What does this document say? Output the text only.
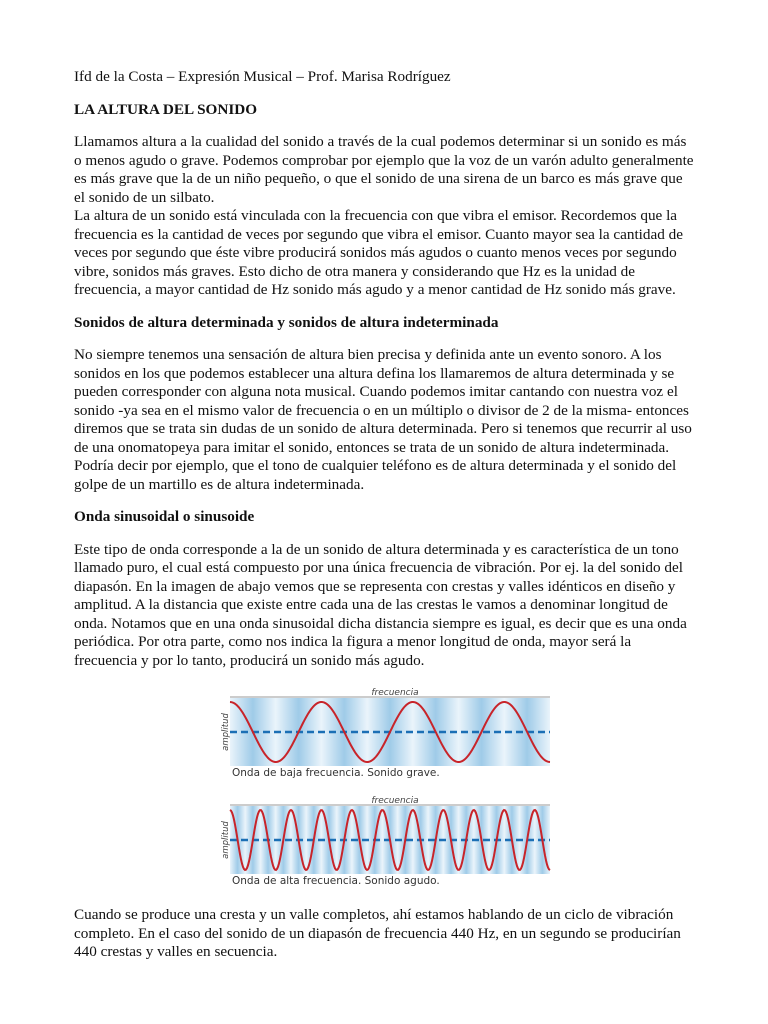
Ifd de la Costa – Expresión Musical – Prof. Marisa Rodríguez

LA ALTURA DEL SONIDO

Llamamos altura a la cualidad del sonido a través de la cual podemos determinar si un sonido es más o menos agudo o grave. Podemos comprobar por ejemplo que la voz de un varón adulto generalmente es más grave que la de un niño pequeño, o que el sonido de una sirena de un barco es más grave que el sonido de un silbato.

La altura de un sonido está vinculada con la frecuencia con que vibra el emisor. Recordemos que la frecuencia es la cantidad de veces por segundo que vibra el emisor. Cuanto mayor sea la cantidad de veces por segundo que éste vibre producirá sonidos más agudos o cuanto menos veces por segundo vibre, sonidos más graves. Esto dicho de otra manera y considerando que Hz es la unidad de frecuencia, a mayor cantidad de Hz sonido más agudo y a menor cantidad de Hz sonido más grave.

Sonidos de altura determinada y sonidos de altura indeterminada

No siempre tenemos una sensación de altura bien precisa y definida ante un evento sonoro. A los sonidos en los que podemos establecer una altura defina los llamaremos de altura determinada y se pueden corresponder con alguna nota musical. Cuando podemos imitar cantando con nuestra voz el sonido -ya sea en el mismo valor de frecuencia o en un múltiplo o divisor de 2 de la misma- entonces diremos que se trata sin dudas de un sonido de altura determinada. Pero si tenemos que recurrir al uso de una onomatopeya para imitar el sonido, entonces se trata de un sonido de altura indeterminada. Podría decir por ejemplo, que el tono de cualquier teléfono es de altura determinada y el sonido del golpe de un martillo es de altura indeterminada.

Onda sinusoidal o sinusoide

Este tipo de onda corresponde a la de un sonido de altura determinada y es característica de un tono llamado puro, el cual está compuesto por una única frecuencia de vibración. Por ej. la del sonido del diapasón. En la imagen de abajo vemos que se representa con crestas y valles idénticos en diseño y amplitud. A la distancia que existe entre cada una de las crestas le vamos a denominar longitud de onda. Notamos que en una onda sinusoidal dicha distancia siempre es igual, es decir que es una onda periódica. Por otra parte, como nos indica la figura a menor longitud de onda, mayor será la frecuencia y por lo tanto, producirá un sonido más agudo.

frecuencia
amplitud
Onda de baja frecuencia. Sonido grave.
frecuencia
amplitud
Onda de alta frecuencia. Sonido agudo.

Cuando se produce una cresta y un valle completos, ahí estamos hablando de un ciclo de vibración completo. En el caso del sonido de un diapasón de frecuencia 440 Hz, en un segundo se producirían 440 crestas y valles en secuencia.
